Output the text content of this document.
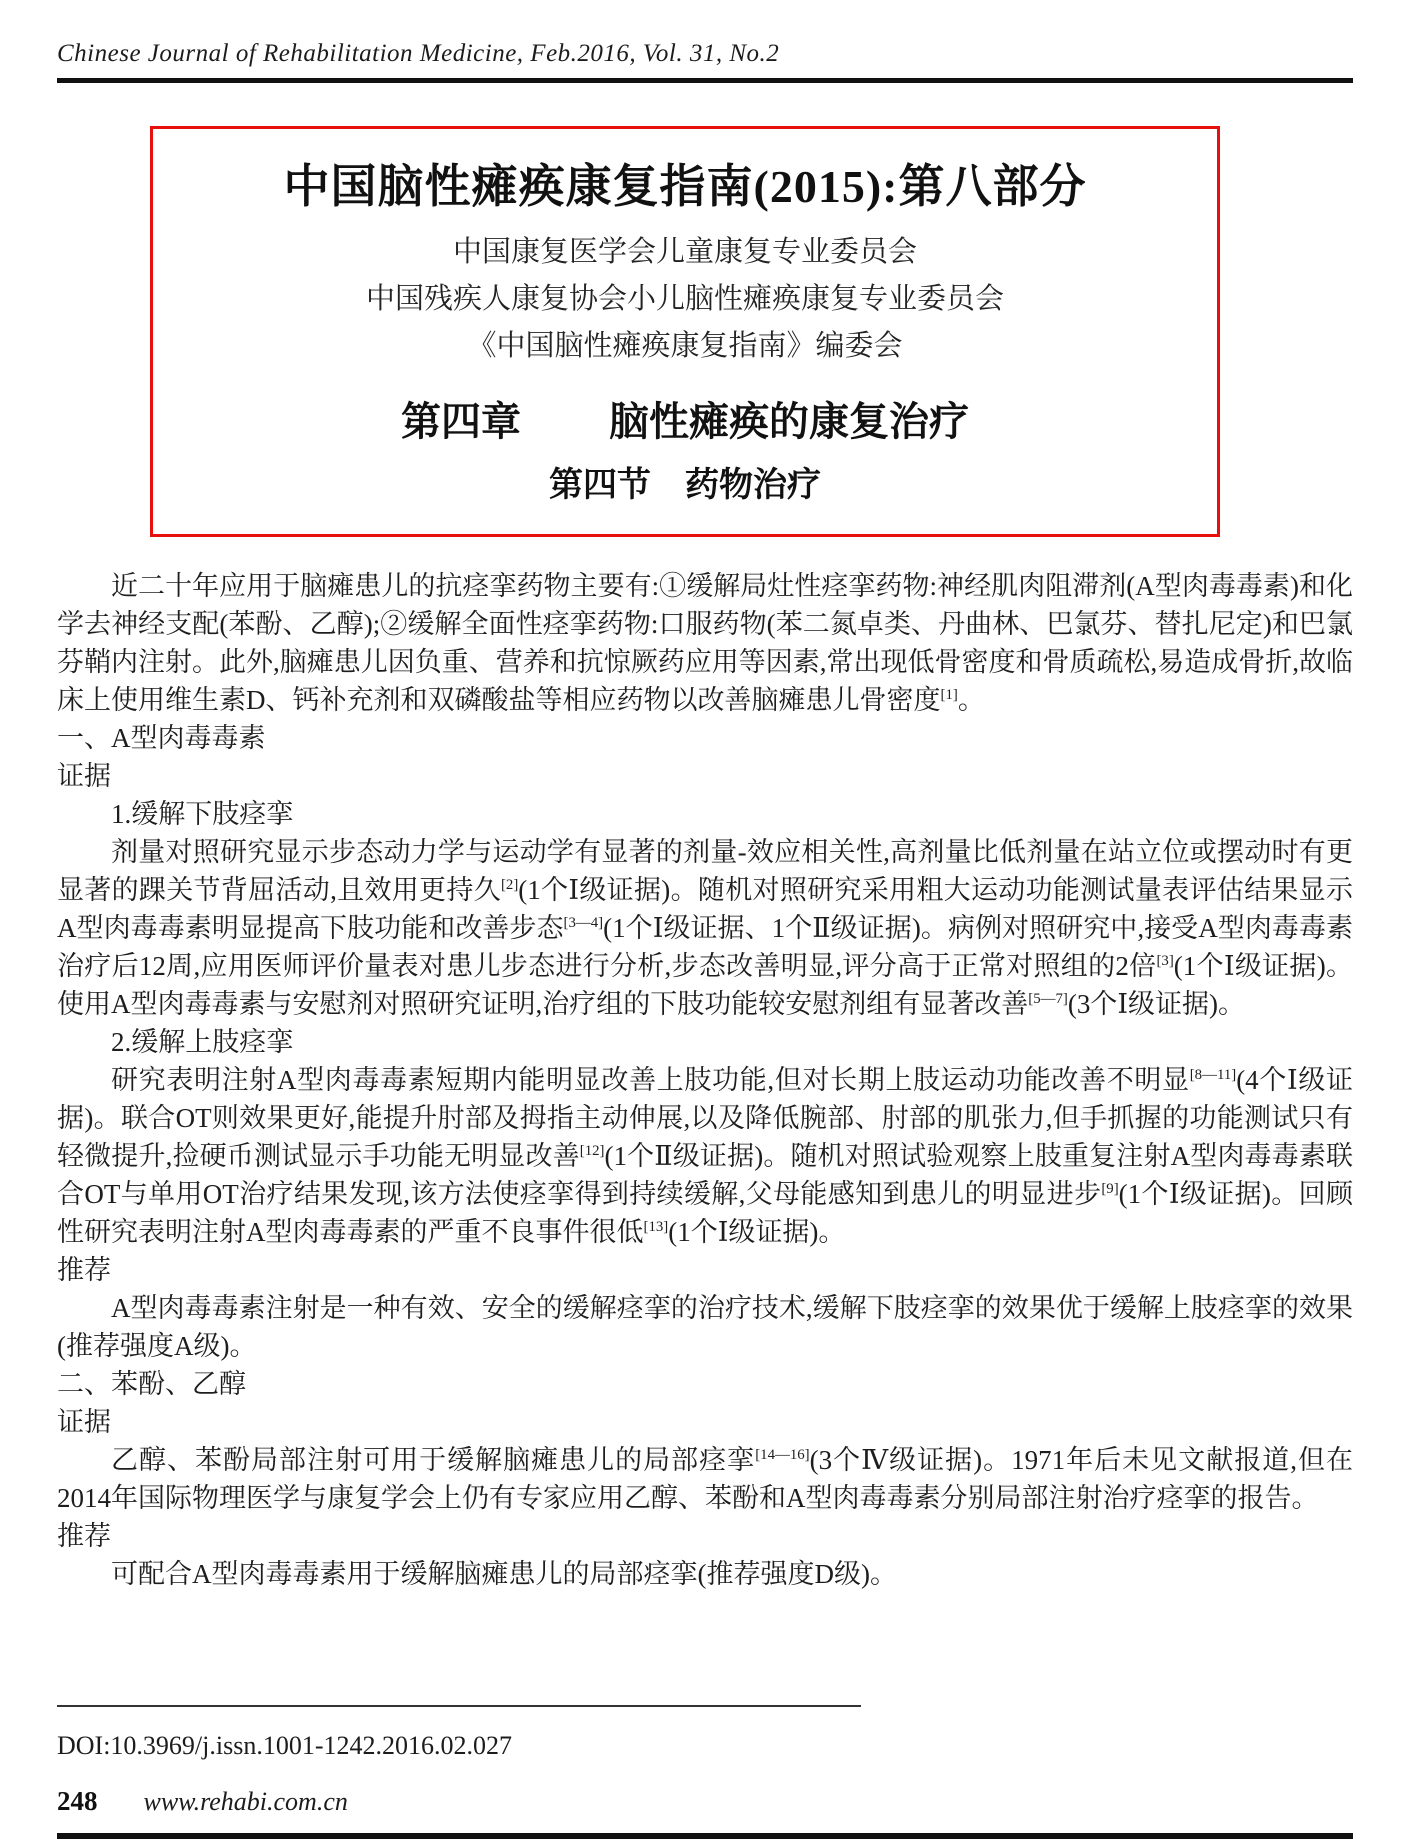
Chinese Journal of Rehabilitation Medicine, Feb.2016, Vol. 31, No.2
中国脑性瘫痪康复指南(2015):第八部分
中国康复医学会儿童康复专业委员会
中国残疾人康复协会小儿脑性瘫痪康复专业委员会
《中国脑性瘫痪康复指南》编委会
第四章 脑性瘫痪的康复治疗
第四节 药物治疗

近二十年应用于脑瘫患儿的抗痉挛药物主要有:①缓解局灶性痉挛药物:神经肌肉阻滞剂(A型肉毒毒素)和化学去神经支配(苯酚、乙醇);②缓解全面性痉挛药物:口服药物(苯二氮卓类、丹曲林、巴氯芬、替扎尼定)和巴氯芬鞘内注射。此外,脑瘫患儿因负重、营养和抗惊厥药应用等因素,常出现低骨密度和骨质疏松,易造成骨折,故临床上使用维生素D、钙补充剂和双磷酸盐等相应药物以改善脑瘫患儿骨密度[1]。

一、A型肉毒毒素

证据

1.缓解下肢痉挛

剂量对照研究显示步态动力学与运动学有显著的剂量-效应相关性,高剂量比低剂量在站立位或摆动时有更显著的踝关节背屈活动,且效用更持久[2](1个Ⅰ级证据)。随机对照研究采用粗大运动功能测试量表评估结果显示A型肉毒毒素明显提高下肢功能和改善步态[3—4](1个Ⅰ级证据、1个Ⅱ级证据)。病例对照研究中,接受A型肉毒毒素治疗后12周,应用医师评价量表对患儿步态进行分析,步态改善明显,评分高于正常对照组的2倍[3](1个Ⅰ级证据)。使用A型肉毒毒素与安慰剂对照研究证明,治疗组的下肢功能较安慰剂组有显著改善[5—7](3个Ⅰ级证据)。

2.缓解上肢痉挛

研究表明注射A型肉毒毒素短期内能明显改善上肢功能,但对长期上肢运动功能改善不明显[8—11](4个Ⅰ级证据)。联合OT则效果更好,能提升肘部及拇指主动伸展,以及降低腕部、肘部的肌张力,但手抓握的功能测试只有轻微提升,捡硬币测试显示手功能无明显改善[12](1个Ⅱ级证据)。随机对照试验观察上肢重复注射A型肉毒毒素联合OT与单用OT治疗结果发现,该方法使痉挛得到持续缓解,父母能感知到患儿的明显进步[9](1个Ⅰ级证据)。回顾性研究表明注射A型肉毒毒素的严重不良事件很低[13](1个Ⅰ级证据)。

推荐

A型肉毒毒素注射是一种有效、安全的缓解痉挛的治疗技术,缓解下肢痉挛的效果优于缓解上肢痉挛的效果(推荐强度A级)。

二、苯酚、乙醇

证据

乙醇、苯酚局部注射可用于缓解脑瘫患儿的局部痉挛[14—16](3个Ⅳ级证据)。1971年后未见文献报道,但在2014年国际物理医学与康复学会上仍有专家应用乙醇、苯酚和A型肉毒毒素分别局部注射治疗痉挛的报告。

推荐

可配合A型肉毒毒素用于缓解脑瘫患儿的局部痉挛(推荐强度D级)。

DOI:10.3969/j.issn.1001-1242.2016.02.027
248 www.rehabi.com.cn
